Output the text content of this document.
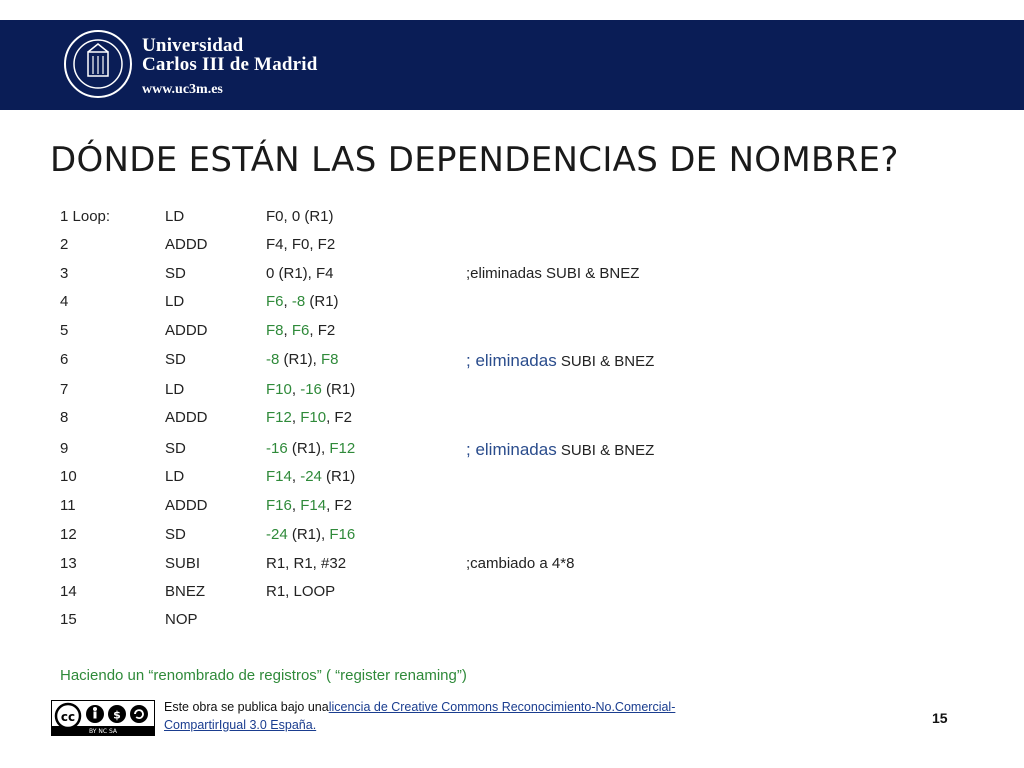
Universidad
Carlos III de Madrid
www.uc3m.es
DÓNDE ESTÁN LAS DEPENDENCIAS DE NOMBRE?
1 Loop:	LD	F0, 0 (R1)
2	ADDD	F4, F0, F2
3	SD	0 (R1), F4	;eliminadas SUBI & BNEZ
4	LD	F6, -8 (R1)
5	ADDD	F8, F6, F2
6	SD	-8 (R1), F8	; eliminadas SUBI & BNEZ
7	LD	F10, -16 (R1)
8	ADDD	F12, F10, F2
9	SD	-16 (R1), F12	; eliminadas SUBI & BNEZ
10	LD	F14, -24 (R1)
11	ADDD	F16, F14, F2
12	SD	-24 (R1), F16
13	SUBI	R1, R1, #32	;cambiado a 4*8
14	BNEZ	R1, LOOP
15	NOP
Haciendo un “renombrado de registros” ( “register renaming”)
cc	$
BY NC SA
Este obra se publica bajo unalicencia de Creative Commons Reconocimiento-No.Comercial-CompartirIgual 3.0 España.	15
